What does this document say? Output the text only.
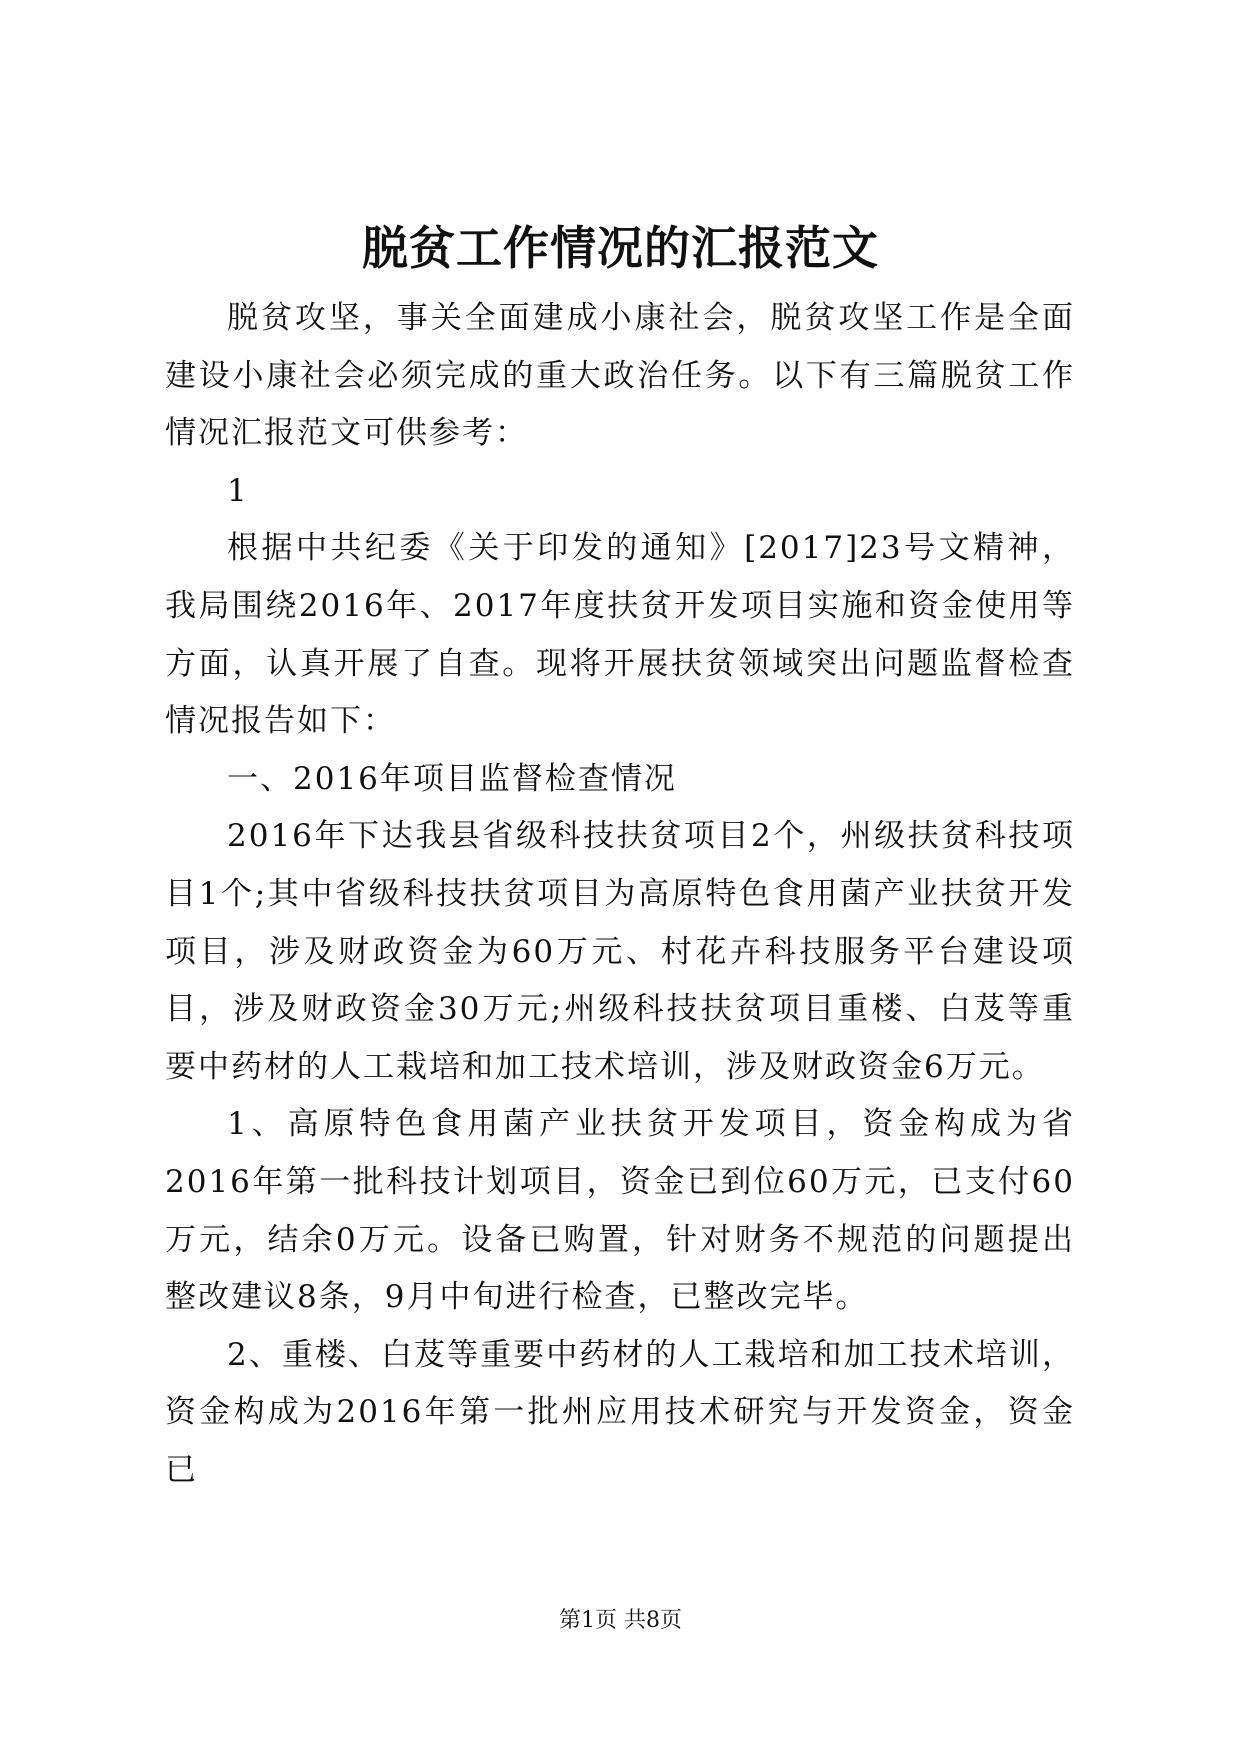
脱贫工作情况的汇报范文

脱贫攻坚，事关全面建成小康社会，脱贫攻坚工作是全面建设小康社会必须完成的重大政治任务。以下有三篇脱贫工作情况汇报范文可供参考：

1

根据中共纪委《关于印发的通知》[2017]23号文精神，我局围绕2016年、2017年度扶贫开发项目实施和资金使用等方面，认真开展了自查。现将开展扶贫领域突出问题监督检查情况报告如下：

一、2016年项目监督检查情况

2016年下达我县省级科技扶贫项目2个，州级扶贫科技项目1个;其中省级科技扶贫项目为高原特色食用菌产业扶贫开发项目，涉及财政资金为60万元、村花卉科技服务平台建设项目，涉及财政资金30万元;州级科技扶贫项目重楼、白芨等重要中药材的人工栽培和加工技术培训，涉及财政资金6万元。

1、高原特色食用菌产业扶贫开发项目，资金构成为省2016年第一批科技计划项目，资金已到位60万元，已支付60万元，结余0万元。设备已购置，针对财务不规范的问题提出整改建议8条，9月中旬进行检查，已整改完毕。

2、重楼、白芨等重要中药材的人工栽培和加工技术培训，资金构成为2016年第一批州应用技术研究与开发资金，资金已

第1页 共8页
